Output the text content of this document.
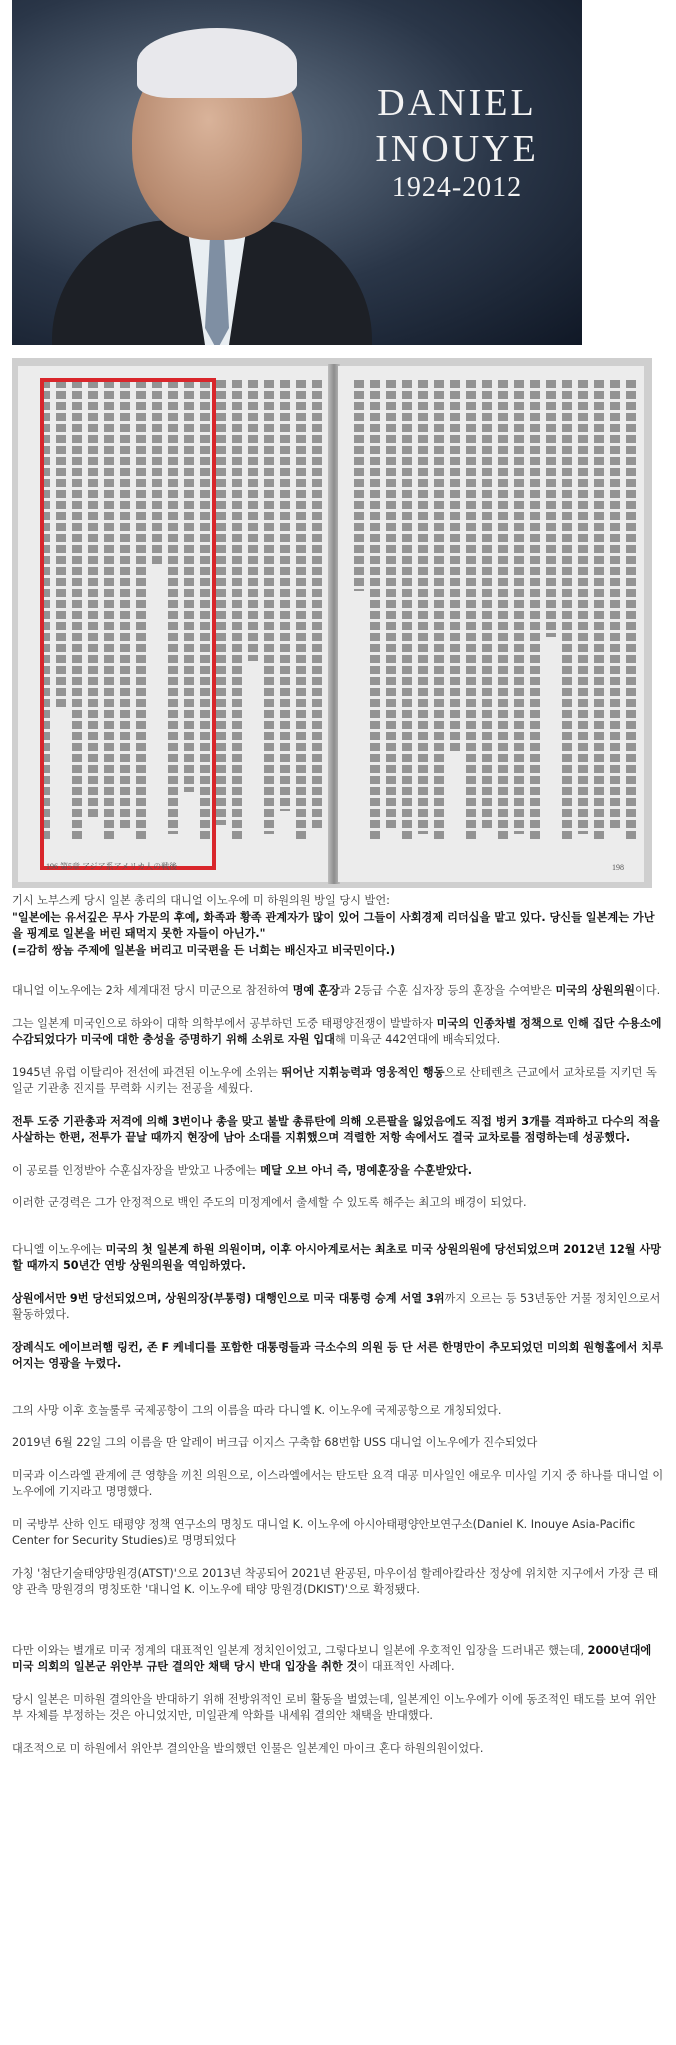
DANIEL
INOUYE
1924-2012
196 第5章 アジア系アメリカ人の戦後	198
기시 노부스케 당시 일본 총리의 대니얼 이노우에 미 하원의원 방일 당시 발언:
"일본에는 유서깊은 무사 가문의 후예, 화족과 황족 관계자가 많이 있어 그들이 사회경제 리더십을 맡고 있다. 당신들 일본계는 가난을 핑계로 일본을 버린 돼먹지 못한 자들이 아닌가."
(=감히 쌍놈 주제에 일본을 버리고 미국편을 든 너희는 배신자고 비국민이다.)

대니얼 이노우에는 2차 세계대전 당시 미군으로 참전하여 명예 훈장과 2등급 수훈 십자장 등의 훈장을 수여받은 미국의 상원의원이다.

그는 일본계 미국인으로 하와이 대학 의학부에서 공부하던 도중 태평양전쟁이 발발하자 미국의 인종차별 정책으로 인해 집단 수용소에 수감되었다가 미국에 대한 충성을 증명하기 위해 소위로 자원 입대해 미육군 442연대에 배속되었다.

1945년 유럽 이탈리아 전선에 파견된 이노우에 소위는 뛰어난 지휘능력과 영웅적인 행동으로 산테렌츠 근교에서 교차로를 지키던 독일군 기관총 진지를 무력화 시키는 전공을 세웠다.

전투 도중 기관총과 저격에 의해 3번이나 총을 맞고 불발 총류탄에 의해 오른팔을 잃었음에도 직접 벙커 3개를 격파하고 다수의 적을 사살하는 한편, 전투가 끝날 때까지 현장에 남아 소대를 지휘했으며 격렬한 저항 속에서도 결국 교차로를 점령하는데 성공했다.

이 공로를 인정받아 수훈십자장을 받았고 나중에는 메달 오브 아너 즉, 명예훈장을 수훈받았다.

이러한 군경력은 그가 안정적으로 백인 주도의 미정계에서 출세할 수 있도록 해주는 최고의 배경이 되었다.

다니엘 이노우에는 미국의 첫 일본계 하원 의원이며, 이후 아시아계로서는 최초로 미국 상원의원에 당선되었으며 2012년 12월 사망할 때까지 50년간 연방 상원의원을 역임하였다.

상원에서만 9번 당선되었으며, 상원의장(부통령) 대행인으로 미국 대통령 승계 서열 3위까지 오르는 등 53년동안 거물 정치인으로서 활동하였다.

장례식도 에이브러햄 링컨, 존 F 케네디를 포함한 대통령들과 극소수의 의원 등 단 서른 한명만이 추모되었던 미의회 원형홀에서 치루어지는 영광을 누렸다.

그의 사망 이후 호놀룰루 국제공항이 그의 이름을 따라 다니엘 K. 이노우에 국제공항으로 개칭되었다.

2019년 6월 22일 그의 이름을 딴 알레이 버크급 이지스 구축함 68번함 USS 대니얼 이노우에가 진수되었다

미국과 이스라엘 관계에 큰 영향을 끼친 의원으로, 이스라엘에서는 탄도탄 요격 대공 미사일인 애로우 미사일 기지 중 하나를 대니얼 이노우에에 기지라고 명명했다.

미 국방부 산하 인도 태평양 정책 연구소의 명칭도 대니얼 K. 이노우에 아시아태평양안보연구소(Daniel K. Inouye Asia-Pacific Center for Security Studies)로 명명되었다

가칭 '첨단기술태양망원경(ATST)'으로 2013년 착공되어 2021년 완공된, 마우이섬 할레아칼라산 정상에 위치한 지구에서 가장 큰 태양 관측 망원경의 명칭또한 '대니얼 K. 이노우에 태양 망원경(DKIST)'으로 확정됐다.

다만 이와는 별개로 미국 정계의 대표적인 일본계 정치인이었고, 그렇다보니 일본에 우호적인 입장을 드러내곤 했는데, 2000년대에 미국 의회의 일본군 위안부 규탄 결의안 채택 당시 반대 입장을 취한 것이 대표적인 사례다.

당시 일본은 미하원 결의안을 반대하기 위해 전방위적인 로비 활동을 벌였는데, 일본계인 이노우에가 이에 동조적인 태도를 보여 위안부 자체를 부정하는 것은 아니었지만, 미일관계 악화를 내세워 결의안 채택을 반대했다.

대조적으로 미 하원에서 위안부 결의안을 발의했던 인물은 일본계인 마이크 혼다 하원의원이었다.
